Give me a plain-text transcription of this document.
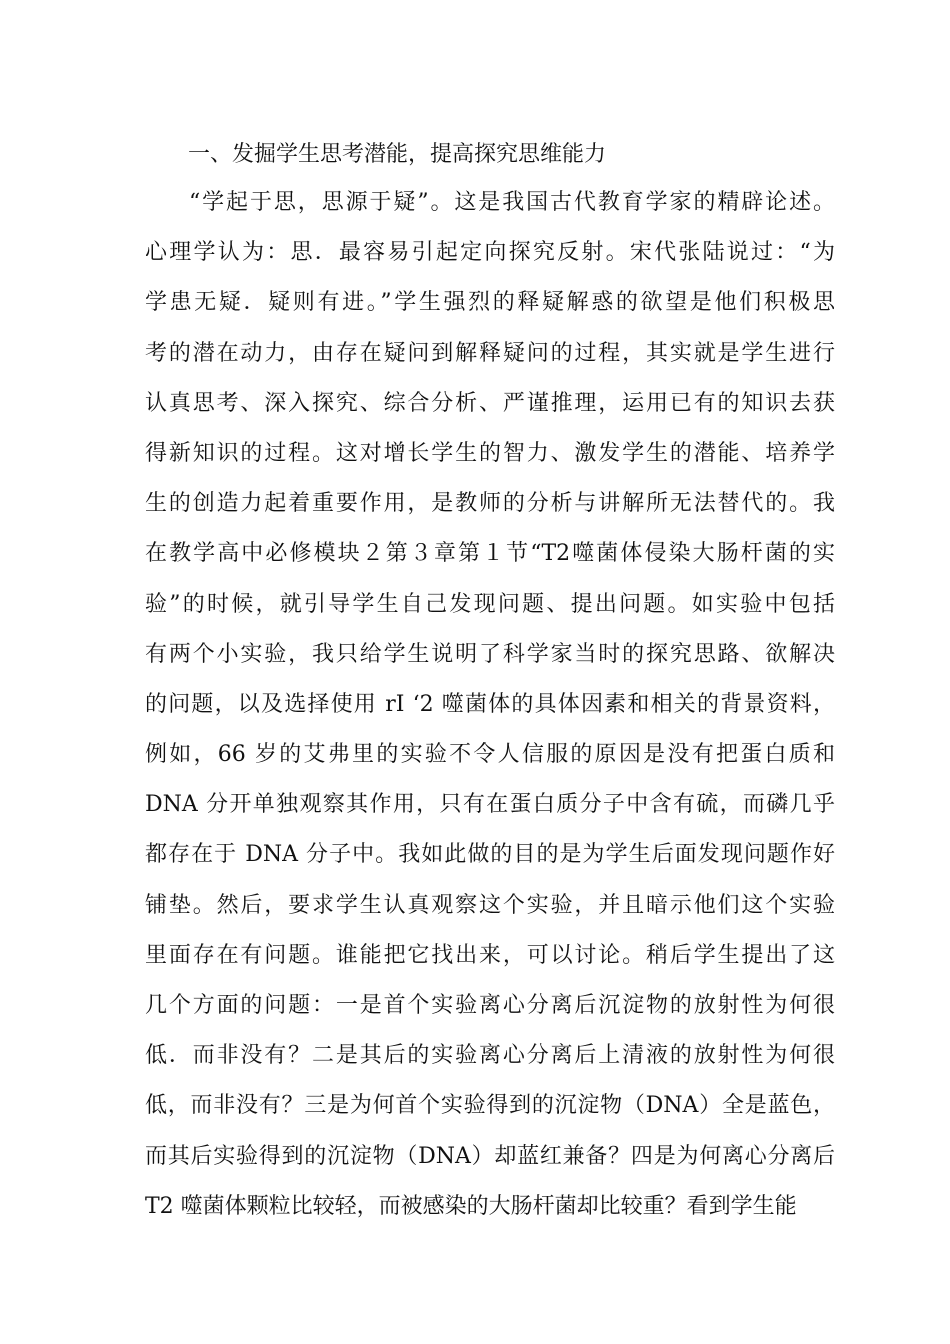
一、发掘学生思考潜能，提高探究思维能力
“学起于思，思源于疑”。这是我国古代教育学家的精辟论述。
心理学认为：思．最容易引起定向探究反射。宋代张陆说过：“为
学患无疑．疑则有进。”学生强烈的释疑解惑的欲望是他们积极思
考的潜在动力，由存在疑问到解释疑问的过程，其实就是学生进行
认真思考、深入探究、综合分析、严谨推理，运用已有的知识去获
得新知识的过程。这对增长学生的智力、激发学生的潜能、培养学
生的创造力起着重要作用，是教师的分析与讲解所无法替代的。我
在教学高中必修模块２第３章第１节“T2噬菌体侵染大肠杆菌的实
验”的时候，就引导学生自己发现问题、提出问题。如实验中包括
有两个小实验，我只给学生说明了科学家当时的探究思路、欲解决
的问题，以及选择使用 rI ‘2 噬菌体的具体因素和相关的背景资料，
例如，66 岁的艾弗里的实验不令人信服的原因是没有把蛋白质和
DNA 分开单独观察其作用，只有在蛋白质分子中含有硫，而磷几乎
都存在于 DNA 分子中。我如此做的目的是为学生后面发现问题作好
铺垫。然后，要求学生认真观察这个实验，并且暗示他们这个实验
里面存在有问题。谁能把它找出来，可以讨论。稍后学生提出了这
几个方面的问题：一是首个实验离心分离后沉淀物的放射性为何很
低．而非没有？二是其后的实验离心分离后上清液的放射性为何很
低，而非没有？三是为何首个实验得到的沉淀物（DNA）全是蓝色，
而其后实验得到的沉淀物（DNA）却蓝红兼备？四是为何离心分离后
T2 噬菌体颗粒比较轻，而被感染的大肠杆菌却比较重？看到学生能
